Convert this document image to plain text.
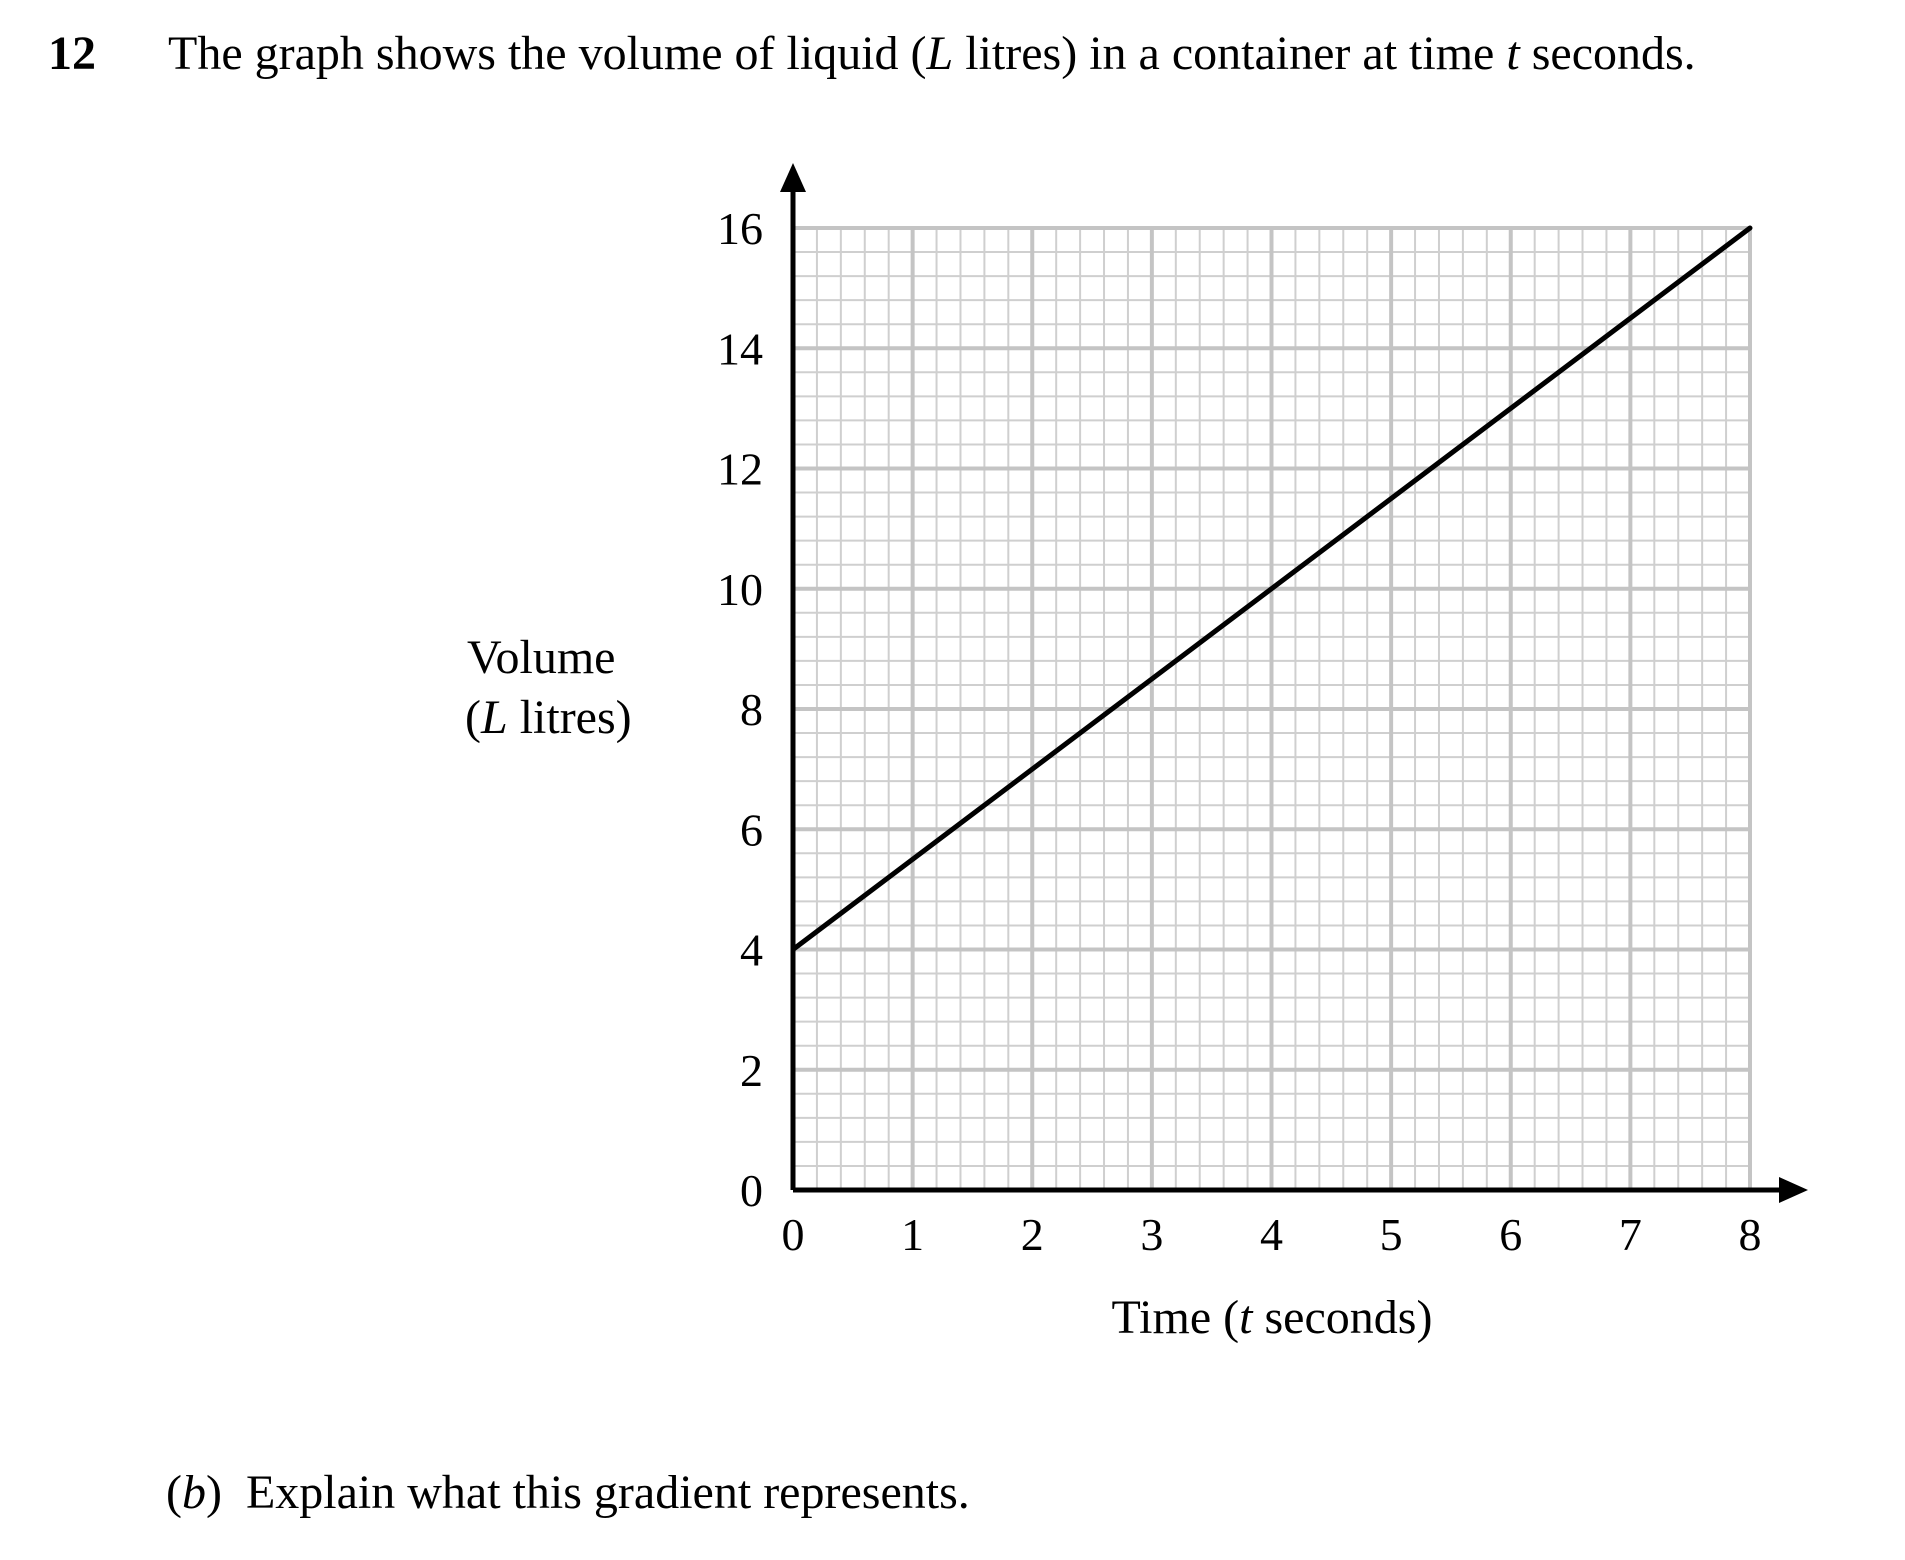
12 The graph shows the volume of liquid (L litres) in a container at time t seconds.
0 1 2 3 4 5 6 7 8
0
2
4
6
8
10
12
14
16
Time (t seconds)
Volume
(L litres)
(b) Explain what this gradient represents.
